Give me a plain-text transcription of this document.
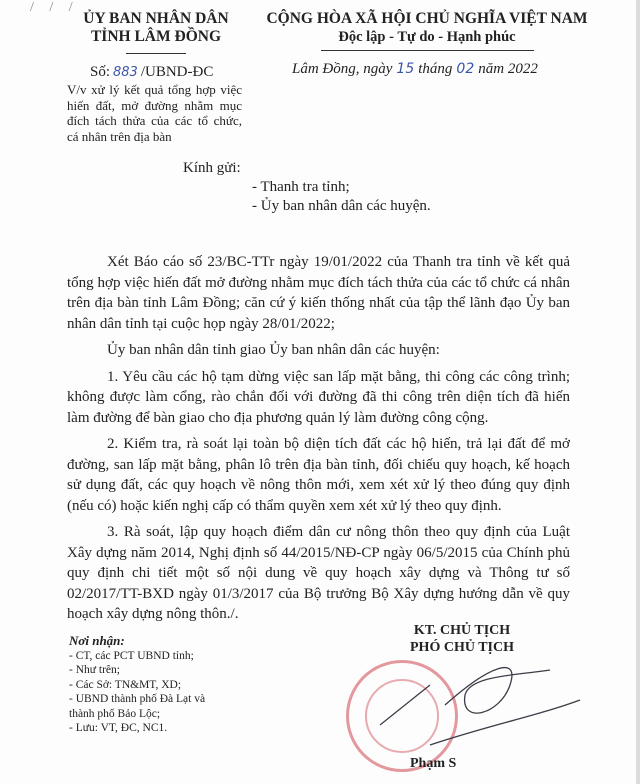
/ / /
ỦY BAN NHÂN DÂN
TỈNH LÂM ĐỒNG
CỘNG HÒA XÃ HỘI CHỦ NGHĨA VIỆT NAM
Độc lập - Tự do - Hạnh phúc
Số: 883 /UBND-ĐC	Lâm Đồng, ngày 15 tháng 02 năm 2022
V/v xử lý kết quả tổng hợp việc hiến đất, mở đường nhằm mục đích tách thửa của các tổ chức, cá nhân trên địa bàn
Kính gửi:
- Thanh tra tỉnh;
- Ủy ban nhân dân các huyện.

Xét Báo cáo số 23/BC-TTr ngày 19/01/2022 của Thanh tra tỉnh về kết quả tổng hợp việc hiến đất mở đường nhằm mục đích tách thửa của các tổ chức cá nhân trên địa bàn tỉnh Lâm Đồng; căn cứ ý kiến thống nhất của tập thể lãnh đạo Ủy ban nhân dân tỉnh tại cuộc họp ngày 28/01/2022;

Ủy ban nhân dân tỉnh giao Ủy ban nhân dân các huyện:

1. Yêu cầu các hộ tạm dừng việc san lấp mặt bằng, thi công các công trình; không được làm cổng, rào chắn đối với đường đã thi công trên diện tích đã hiến làm đường để bàn giao cho địa phương quản lý làm đường công cộng.

2. Kiểm tra, rà soát lại toàn bộ diện tích đất các hộ hiến, trả lại đất để mở đường, san lấp mặt bằng, phân lô trên địa bàn tỉnh, đối chiếu quy hoạch, kế hoạch sử dụng đất, các quy hoạch về nông thôn mới, xem xét xử lý theo đúng quy định (nếu có) hoặc kiến nghị cấp có thẩm quyền xem xét xử lý theo quy định.

3. Rà soát, lập quy hoạch điểm dân cư nông thôn theo quy định của Luật Xây dựng năm 2014, Nghị định số 44/2015/NĐ-CP ngày 06/5/2015 của Chính phủ quy định chi tiết một số nội dung về quy hoạch xây dựng và Thông tư số 02/2017/TT-BXD ngày 01/3/2017 của Bộ trưởng Bộ Xây dựng hướng dẫn về quy hoạch xây dựng nông thôn./.

Nơi nhận:
- CT, các PCT UBND tỉnh;
- Như trên;
- Các Sở: TN&MT, XD;
- UBND thành phố Đà Lạt và
thành phố Bảo Lộc;
- Lưu: VT, ĐC, NC1.
KT. CHỦ TỊCH
PHÓ CHỦ TỊCH
Phạm S
